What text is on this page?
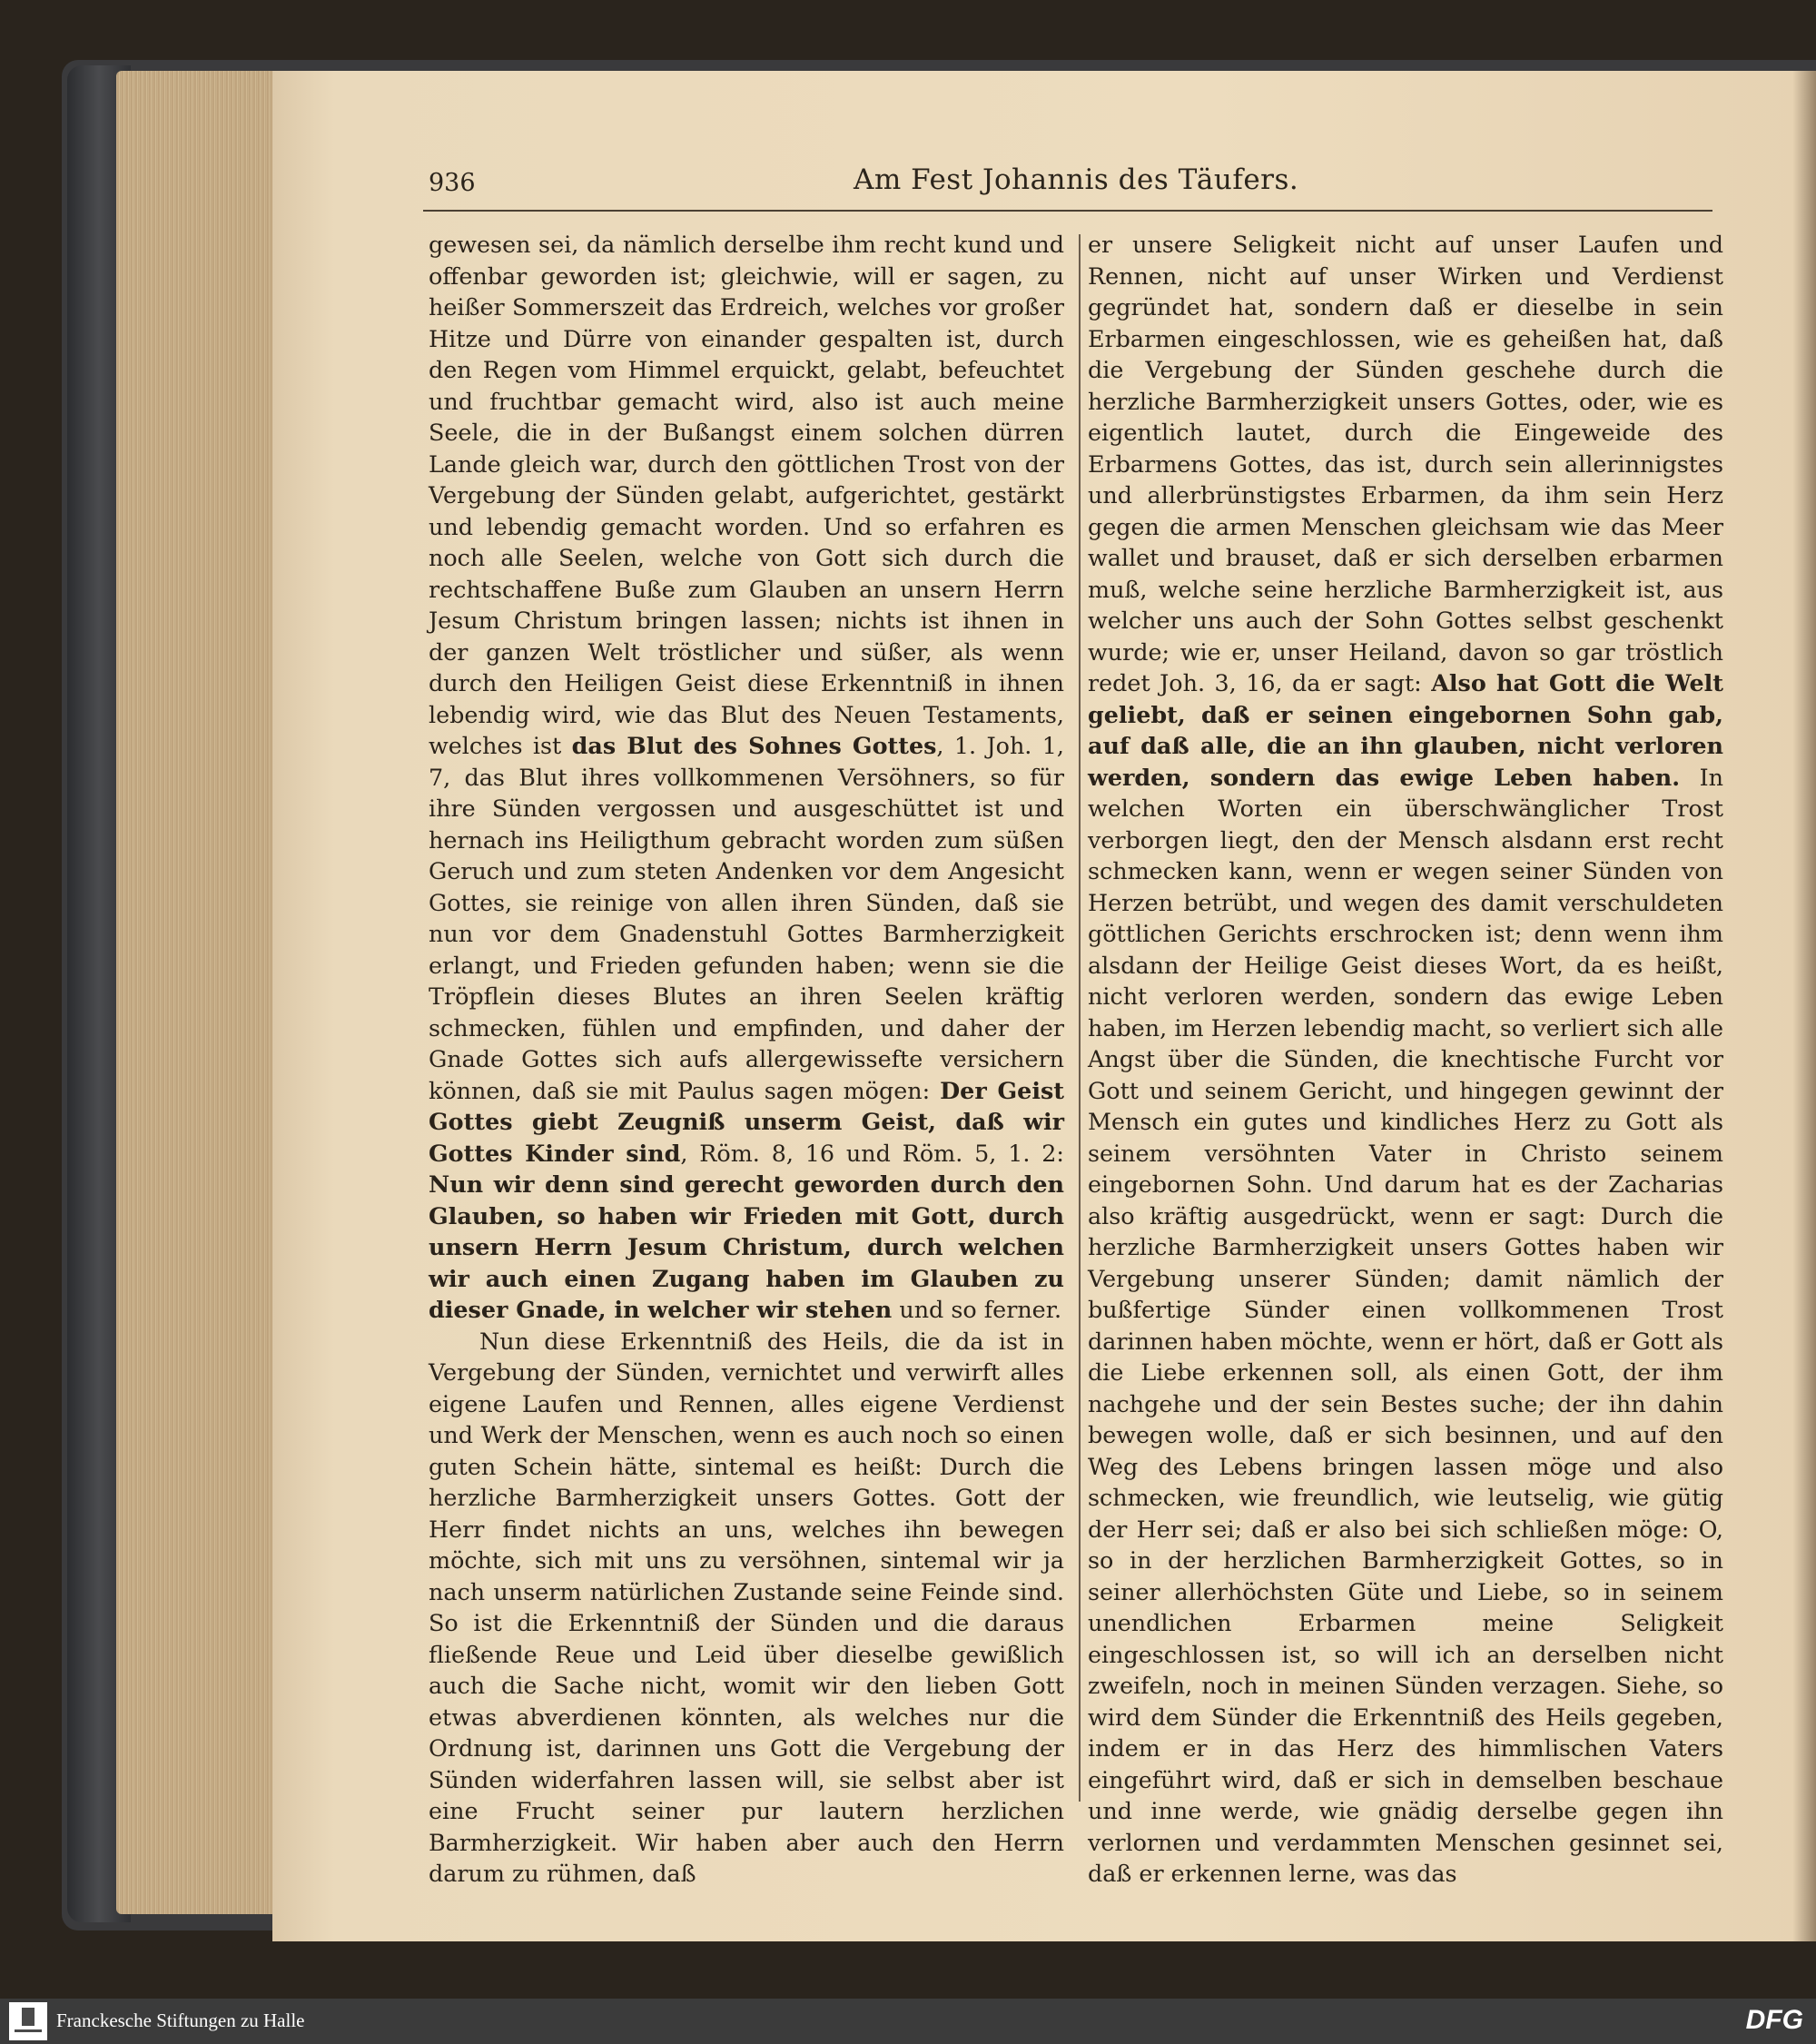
936	Am Fest Johannis des Täufers.

gewesen sei, da nämlich derselbe ihm recht kund und offenbar geworden ist; gleichwie, will er sagen, zu heißer Sommerszeit das Erdreich, welches vor großer Hitze und Dürre von einander gespalten ist, durch den Regen vom Himmel erquickt, gelabt, befeuchtet und fruchtbar gemacht wird, also ist auch meine Seele, die in der Bußangst einem solchen dürren Lande gleich war, durch den göttlichen Trost von der Vergebung der Sünden gelabt, aufgerichtet, gestärkt und lebendig gemacht worden. Und so erfahren es noch alle Seelen, welche von Gott sich durch die rechtschaffene Buße zum Glauben an unsern Herrn Jesum Christum bringen lassen; nichts ist ihnen in der ganzen Welt tröstlicher und süßer, als wenn durch den Heiligen Geist diese Erkenntniß in ihnen lebendig wird, wie das Blut des Neuen Testaments, welches ist das Blut des Sohnes Gottes, 1. Joh. 1, 7, das Blut ihres vollkommenen Versöhners, so für ihre Sünden vergossen und ausgeschüttet ist und hernach ins Heiligthum gebracht worden zum süßen Geruch und zum steten Andenken vor dem Angesicht Gottes, sie reinige von allen ihren Sünden, daß sie nun vor dem Gnadenstuhl Gottes Barmherzigkeit erlangt, und Frieden gefunden haben; wenn sie die Tröpflein dieses Blutes an ihren Seelen kräftig schmecken, fühlen und empfinden, und daher der Gnade Gottes sich aufs allergewissefte versichern können, daß sie mit Paulus sagen mögen: Der Geist Gottes giebt Zeugniß unserm Geist, daß wir Gottes Kinder sind, Röm. 8, 16 und Röm. 5, 1. 2: Nun wir denn sind gerecht geworden durch den Glauben, so haben wir Frieden mit Gott, durch unsern Herrn Jesum Christum, durch welchen wir auch einen Zugang haben im Glauben zu dieser Gnade, in welcher wir stehen und so ferner.

Nun diese Erkenntniß des Heils, die da ist in Vergebung der Sünden, vernichtet und verwirft alles eigene Laufen und Rennen, alles eigene Verdienst und Werk der Menschen, wenn es auch noch so einen guten Schein hätte, sintemal es heißt: Durch die herzliche Barmherzigkeit unsers Gottes. Gott der Herr findet nichts an uns, welches ihn bewegen möchte, sich mit uns zu versöhnen, sintemal wir ja nach unserm natürlichen Zustande seine Feinde sind. So ist die Erkenntniß der Sünden und die daraus fließende Reue und Leid über dieselbe gewißlich auch die Sache nicht, womit wir den lieben Gott etwas abverdienen könnten, als welches nur die Ordnung ist, darinnen uns Gott die Vergebung der Sünden widerfahren lassen will, sie selbst aber ist eine Frucht seiner pur lautern herzlichen Barmherzigkeit. Wir haben aber auch den Herrn darum zu rühmen, daß

er unsere Seligkeit nicht auf unser Laufen und Rennen, nicht auf unser Wirken und Verdienst gegründet hat, sondern daß er dieselbe in sein Erbarmen eingeschlossen, wie es geheißen hat, daß die Vergebung der Sünden geschehe durch die herzliche Barmherzigkeit unsers Gottes, oder, wie es eigentlich lautet, durch die Eingeweide des Erbarmens Gottes, das ist, durch sein allerinnigstes und allerbrünstigstes Erbarmen, da ihm sein Herz gegen die armen Menschen gleichsam wie das Meer wallet und brauset, daß er sich derselben erbarmen muß, welche seine herzliche Barmherzigkeit ist, aus welcher uns auch der Sohn Gottes selbst geschenkt wurde; wie er, unser Heiland, davon so gar tröstlich redet Joh. 3, 16, da er sagt: Also hat Gott die Welt geliebt, daß er seinen eingebornen Sohn gab, auf daß alle, die an ihn glauben, nicht verloren werden, sondern das ewige Leben haben. In welchen Worten ein überschwänglicher Trost verborgen liegt, den der Mensch alsdann erst recht schmecken kann, wenn er wegen seiner Sünden von Herzen betrübt, und wegen des damit verschuldeten göttlichen Gerichts erschrocken ist; denn wenn ihm alsdann der Heilige Geist dieses Wort, da es heißt, nicht verloren werden, sondern das ewige Leben haben, im Herzen lebendig macht, so verliert sich alle Angst über die Sünden, die knechtische Furcht vor Gott und seinem Gericht, und hingegen gewinnt der Mensch ein gutes und kindliches Herz zu Gott als seinem versöhnten Vater in Christo seinem eingebornen Sohn. Und darum hat es der Zacharias also kräftig ausgedrückt, wenn er sagt: Durch die herzliche Barmherzigkeit unsers Gottes haben wir Vergebung unserer Sünden; damit nämlich der bußfertige Sünder einen vollkommenen Trost darinnen haben möchte, wenn er hört, daß er Gott als die Liebe erkennen soll, als einen Gott, der ihm nachgehe und der sein Bestes suche; der ihn dahin bewegen wolle, daß er sich besinnen, und auf den Weg des Lebens bringen lassen möge und also schmecken, wie freundlich, wie leutselig, wie gütig der Herr sei; daß er also bei sich schließen möge: O, so in der herzlichen Barmherzigkeit Gottes, so in seiner allerhöchsten Güte und Liebe, so in seinem unendlichen Erbarmen meine Seligkeit eingeschlossen ist, so will ich an derselben nicht zweifeln, noch in meinen Sünden verzagen. Siehe, so wird dem Sünder die Erkenntniß des Heils gegeben, indem er in das Herz des himmlischen Vaters eingeführt wird, daß er sich in demselben beschaue und inne werde, wie gnädig derselbe gegen ihn verlornen und verdammten Menschen gesinnet sei, daß er erkennen lerne, was das

Franckesche Stiftungen zu Halle	DFG
